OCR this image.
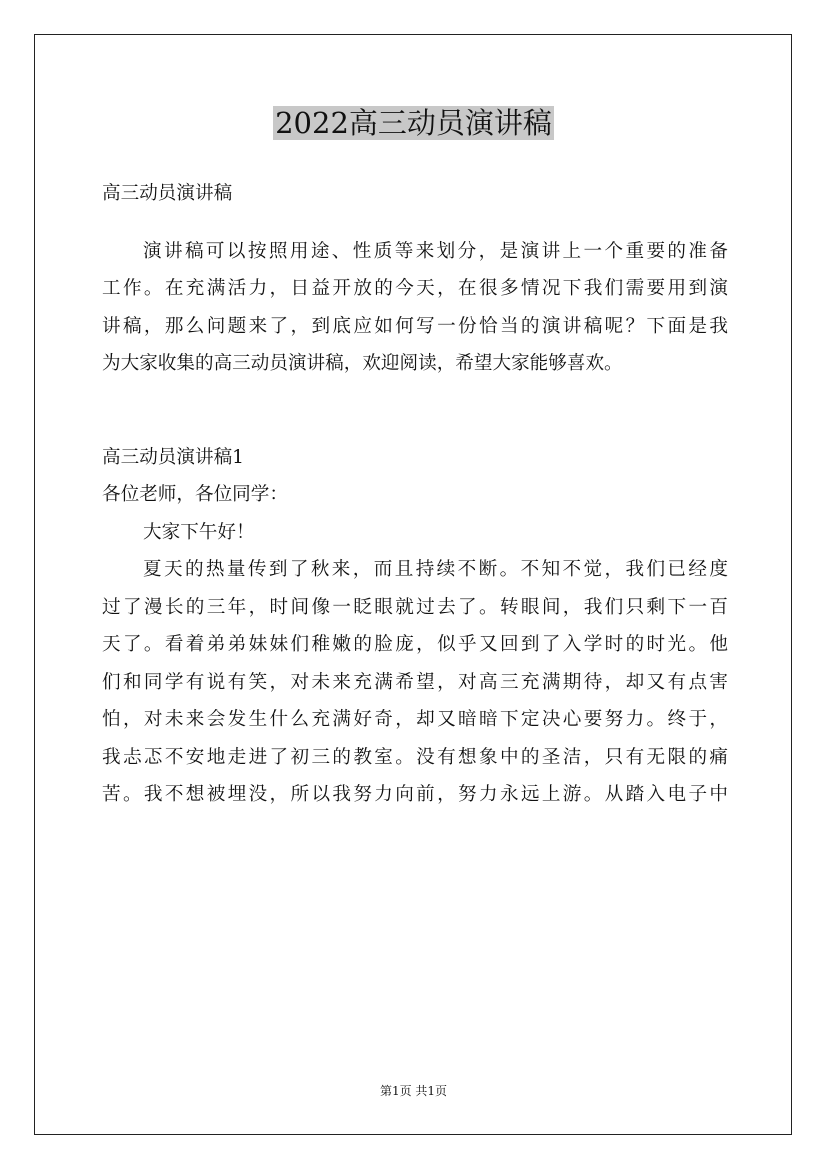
2022高三动员演讲稿
高三动员演讲稿
演讲稿可以按照用途、性质等来划分，是演讲上一个重要的准备
工作。在充满活力，日益开放的今天，在很多情况下我们需要用到演
讲稿，那么问题来了，到底应如何写一份恰当的演讲稿呢？下面是我
为大家收集的高三动员演讲稿，欢迎阅读，希望大家能够喜欢。
高三动员演讲稿1
各位老师，各位同学：
大家下午好！
夏天的热量传到了秋来，而且持续不断。不知不觉，我们已经度
过了漫长的三年，时间像一眨眼就过去了。转眼间，我们只剩下一百
天了。看着弟弟妹妹们稚嫩的脸庞，似乎又回到了入学时的时光。他
们和同学有说有笑，对未来充满希望，对高三充满期待，却又有点害
怕，对未来会发生什么充满好奇，却又暗暗下定决心要努力。终于，
我忐忑不安地走进了初三的教室。没有想象中的圣洁，只有无限的痛
苦。我不想被埋没，所以我努力向前，努力永远上游。从踏入电子中
第1页 共1页
